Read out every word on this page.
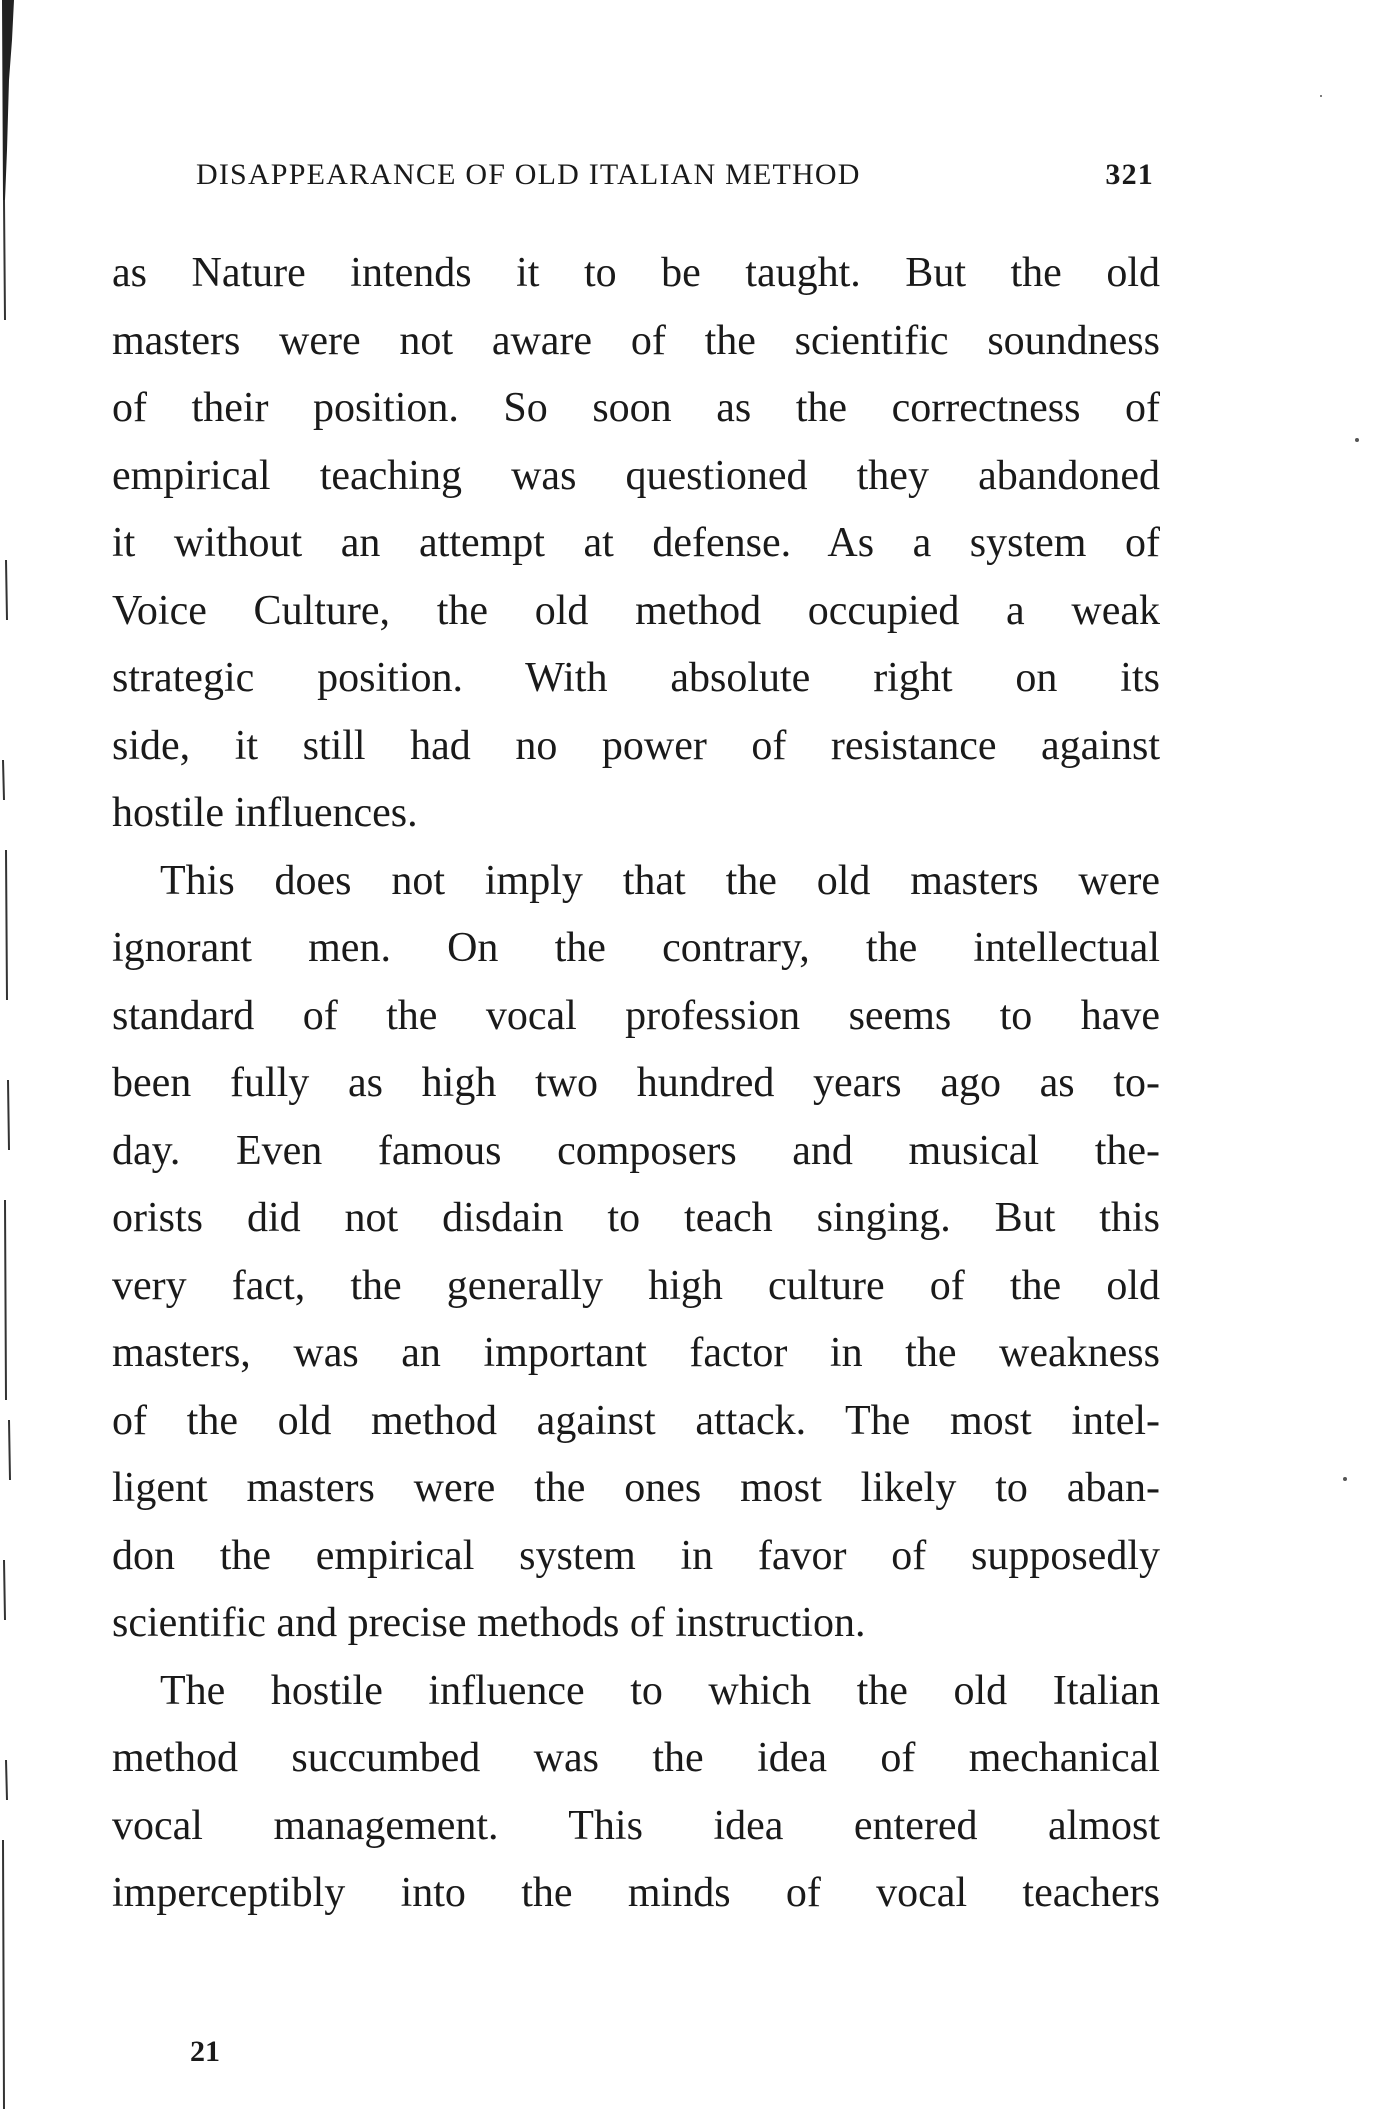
DISAPPEARANCE OF OLD ITALIAN METHOD	321
as Nature intends it to be taught. But the old
masters were not aware of the scientific soundness
of their position. So soon as the correctness of
empirical teaching was questioned they abandoned
it without an attempt at defense. As a system of
Voice Culture, the old method occupied a weak
strategic position. With absolute right on its
side, it still had no power of resistance against
hostile influences.
This does not imply that the old masters were
ignorant men. On the contrary, the intellectual
standard of the vocal profession seems to have
been fully as high two hundred years ago as to-
day. Even famous composers and musical the-
orists did not disdain to teach singing. But this
very fact, the generally high culture of the old
masters, was an important factor in the weakness
of the old method against attack. The most intel-
ligent masters were the ones most likely to aban-
don the empirical system in favor of supposedly
scientific and precise methods of instruction.
The hostile influence to which the old Italian
method succumbed was the idea of mechanical
vocal management. This idea entered almost
imperceptibly into the minds of vocal teachers
21
